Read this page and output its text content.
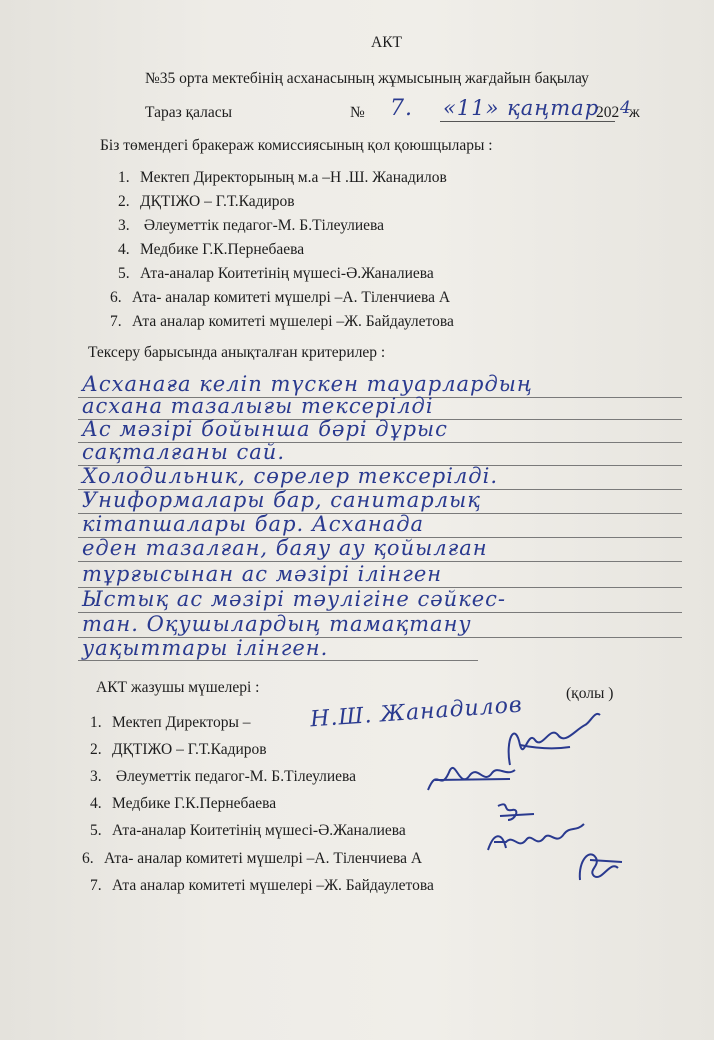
АКТ
№35 орта мектебінің асханасының жұмысының жағдайын бақылау
Тараз қаласы	№ 7. «11» қаңтар
202 4
ж
Біз төмендегі бракераж комиссиясының қол қоюшцылары :
1. Мектеп Директорының м.а –Н .Ш. Жанадилов
2. ДҚТІЖО – Г.Т.Кадиров
3. Әлеуметтік педагог-М. Б.Тілеулиева
4. Медбике Г.К.Пернебаева
5. Ата-аналар Коитетінің мүшесі-Ә.Жаналиева
6. Ата- аналар комитеті мүшелрі –А. Тіленчиева А
7. Ата аналар комитеті мүшелері –Ж. Байдаулетова
Тексеру барысында анықталған критерилер :
Асханаға келіп түскен тауарлардың
асхана тазалығы тексерілді
Ас мәзірі бойынша бәрі дұрыс
сақталғаны сай.
Холодильник, сөрелер тексерілді.
Униформалары бар, санитарлық
кітапшалары бар. Асханада
еден тазалған, баяу ау қойылған
тұрғысынан ас мәзірі ілінген
Ыстық ас мәзірі тәулігіне сәйкес-
тан. Оқушылардың тамақтану
уақыттары ілінген.
АКТ жазушы мүшелері :	(қолы )
1. Мектеп Директоры –
2. ДҚТІЖО – Г.Т.Кадиров
3. Әлеуметтік педагог-М. Б.Тілеулиева
4. Медбике Г.К.Пернебаева
5. Ата-аналар Коитетінің мүшесі-Ә.Жаналиева
6. Ата- аналар комитеті мүшелрі –А. Тіленчиева А
7. Ата аналар комитеті мүшелері –Ж. Байдаулетова
Н.Ш. Жанадилов
